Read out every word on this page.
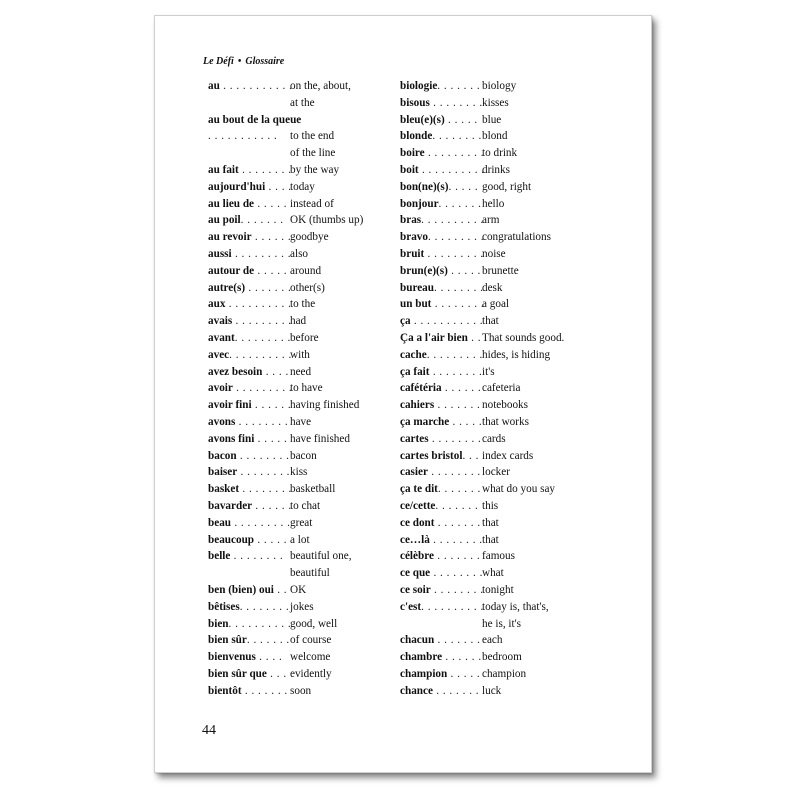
Le Défi • Glossaire
au . . . . . . . . . . .
on the, about,
at the
au bout de la queue
. . . . . . . . . . . to the end
of the line
au fait . . . . . . . .
by the way
aujourd'hui . . . .
today
au lieu de . . . . . instead of
au poil. . . . . . . OK (thumbs up)
au revoir . . . . . .
goodbye
aussi . . . . . . . . . also
autour de . . . . . around
autre(s) . . . . . . .
other(s)
aux . . . . . . . . . .
to the
avais . . . . . . . . .
had
avant. . . . . . . . . before
avec. . . . . . . . . .
with
avez besoin . . . . need
avoir . . . . . . . . .
to have
avoir fini . . . . . .
having finished
avons . . . . . . . . have
avons fini . . . . . have finished
bacon . . . . . . . . bacon
baiser . . . . . . . . kiss
basket . . . . . . . .
basketball
bavarder . . . . . .
to chat
beau . . . . . . . . . great
beaucoup . . . . . a lot
belle . . . . . . . . beautiful one,
beautiful
ben (bien) oui . . OK
bêtises. . . . . . . . jokes
bien. . . . . . . . . .
good, well
bien sûr. . . . . . . of course
bienvenus . . . . welcome
bien sûr que . . . evidently
bientôt . . . . . . . soon
biologie. . . . . . . biology
bisous . . . . . . . . kisses
bleu(e)(s) . . . . . blue
blonde. . . . . . . . blond
boire . . . . . . . . .
to drink
boit . . . . . . . . . .
drinks
bon(ne)(s). . . . . good, right
bonjour. . . . . . . hello
bras. . . . . . . . . .
arm
bravo. . . . . . . . .
congratulations
bruit . . . . . . . . .
noise
brun(e)(s) . . . . . brunette
bureau. . . . . . . .
desk
un but . . . . . . . .
a goal
ça . . . . . . . . . . .
that
Ça a l'air bien . . That sounds good.
cache. . . . . . . . . hides, is hiding
ça fait . . . . . . . . it's
cafétéria . . . . . . cafeteria
cahiers . . . . . . . notebooks
ça marche . . . . . that works
cartes . . . . . . . . cards
cartes bristol. . . index cards
casier . . . . . . . . locker
ça te dit. . . . . . . what do you say
ce/cette. . . . . . . this
ce dont . . . . . . . that
ce…là . . . . . . . . that
célèbre . . . . . . . famous
ce que . . . . . . . . what
ce soir . . . . . . . .
tonight
c'est. . . . . . . . . .
today is, that's,
he is, it's
chacun . . . . . . . each
chambre . . . . . . bedroom
champion . . . . . champion
chance . . . . . . . luck
44
